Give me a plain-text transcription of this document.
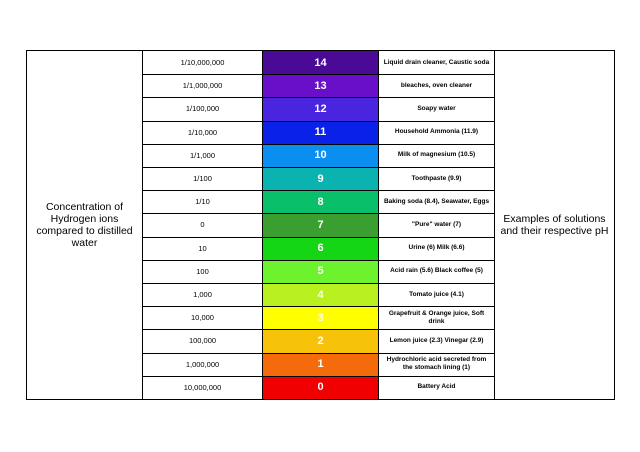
Concentration of Hydrogen ions compared to distilled water
1/10,000,000	14	Liquid drain cleaner, Caustic soda
1/1,000,000	13	bleaches, oven cleaner
1/100,000	12	Soapy water
1/10,000	11	Household Ammonia (11.9)
1/1,000	10	Milk of magnesium (10.5)
1/100	9	Toothpaste (9.9)
1/10	8	Baking soda (8.4), Seawater, Eggs
0	7	"Pure" water (7)
10	6	Urine (6) Milk (6.6)
100	5	Acid rain (5.6) Black coffee (5)
1,000	4	Tomato juice (4.1)
10,000	3	Grapefruit & Orange juice, Soft drink
100,000	2	Lemon juice (2.3) Vinegar (2.9)
1,000,000	1	Hydrochloric acid secreted from the stomach lining (1)
10,000,000	0	Battery Acid
Examples of solutions and their respective pH
